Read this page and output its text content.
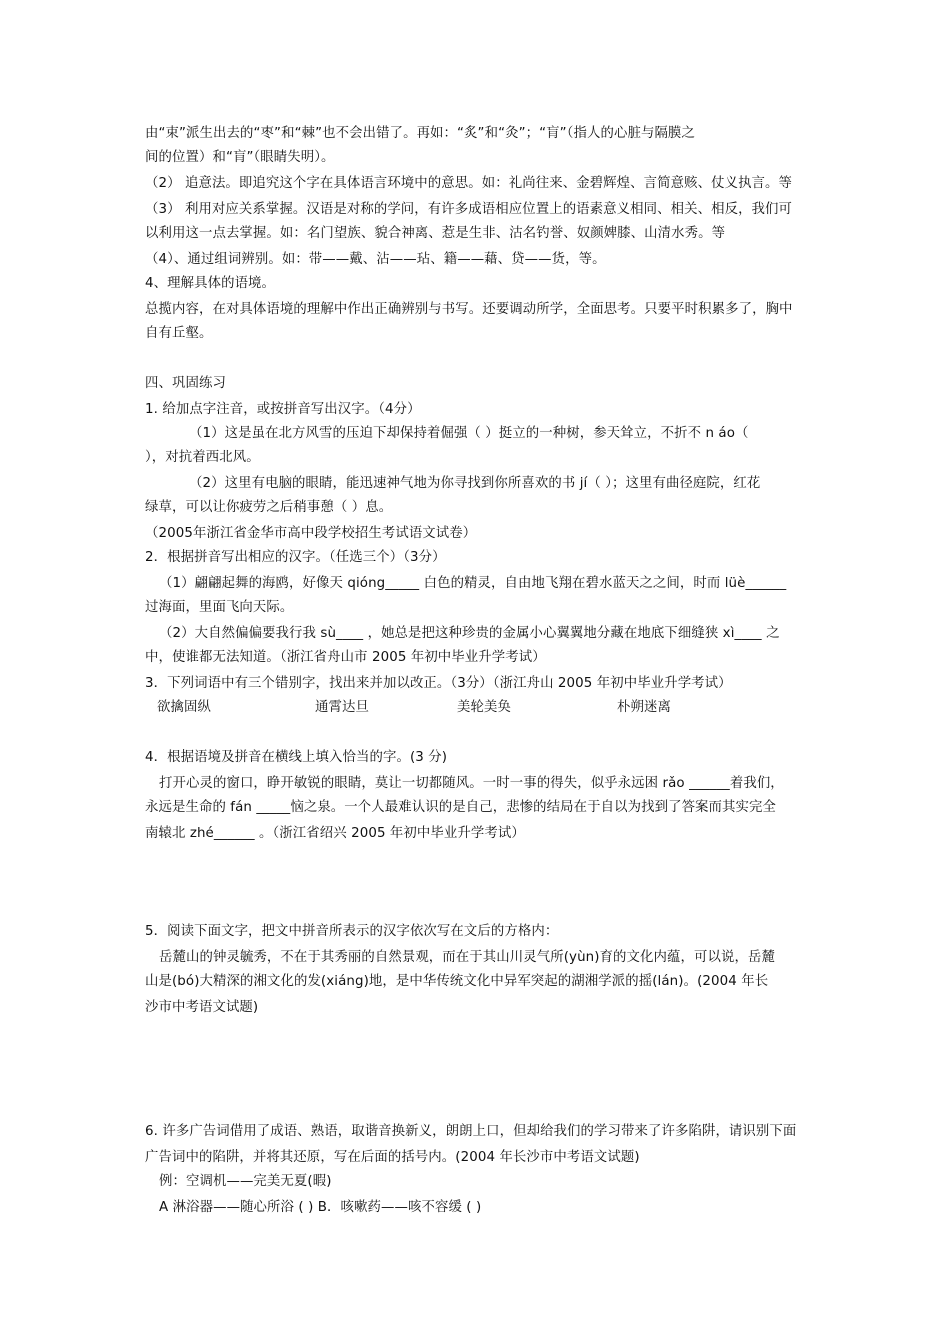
由“束”派生出去的“枣”和“棘”也不会出错了。再如：“炙”和“灸”；“肓”（指人的心脏与隔膜之
间的位置）和“肓”（眼睛失明）。
（2） 追意法。即追究这个字在具体语言环境中的意思。如：礼尚往来、金碧辉煌、言简意赅、仗义执言。等
（3） 利用对应关系掌握。汉语是对称的学问，有许多成语相应位置上的语素意义相同、相关、相反，我们可
以利用这一点去掌握。如：名门望族、貌合神离、惹是生非、沽名钓誉、奴颜婢膝、山清水秀。等
（4）、通过组词辨别。如：带——戴、沾——玷、籍——藉、贷——货，等。
4、理解具体的语境。
总揽内容，在对具体语境的理解中作出正确辨别与书写。还要调动所学，全面思考。只要平时积累多了，胸中
自有丘壑。
四、巩固练习
1. 给加点字注音，或按拼音写出汉字。（4分）
（1）这是虽在北方风雪的压迫下却保持着倔强（ ）挺立的一种树，参天耸立，不折不 n áo（
），对抗着西北风。
（2）这里有电脑的眼睛，能迅速神气地为你寻找到你所喜欢的书 jí（ ）；这里有曲径庭院，红花
绿草，可以让你疲劳之后稍事憩（ ）息。
（2005年浙江省金华市高中段学校招生考试语文试卷）
2．根据拼音写出相应的汉字。（任选三个）（3分）
（1）翩翩起舞的海鸥，好像天 qióng_____ 白色的精灵，自由地飞翔在碧水蓝天之之间，时而 lüè______
过海面，里面飞向天际。
（2）大自然偏偏要我行我 sù____ ，她总是把这种珍贵的金属小心翼翼地分藏在地底下细缝狭 xì____ 之
中，使谁都无法知道。（浙江省舟山市 2005 年初中毕业升学考试）
3．下列词语中有三个错别字，找出来并加以改正。（3分）（浙江舟山 2005 年初中毕业升学考试）
欲擒固纵	通霄达旦	美轮美奂	朴朔迷离
4．根据语境及拼音在横线上填入恰当的字。(3 分)
打开心灵的窗口，睁开敏锐的眼睛，莫让一切都随风。一时一事的得失，似乎永远困 rǎo ______着我们，
永远是生命的 fán _____恼之泉。一个人最难认识的是自己，悲惨的结局在于自以为找到了答案而其实完全
南辕北 zhé______ 。（浙江省绍兴 2005 年初中毕业升学考试）
5．阅读下面文字，把文中拼音所表示的汉字依次写在文后的方格内：
岳麓山的钟灵毓秀，不在于其秀丽的自然景观，而在于其山川灵气所(yùn)育的文化内蕴，可以说，岳麓
山是(bó)大精深的湘文化的发(xiáng)地，是中华传统文化中异军突起的湖湘学派的摇(lán)。(2004 年长
沙市中考语文试题)
6. 许多广告词借用了成语、熟语，取谐音换新义，朗朗上口，但却给我们的学习带来了许多陷阱，请识别下面
广告词中的陷阱，并将其还原，写在后面的括号内。(2004 年长沙市中考语文试题)
例：空调机——完美无夏(暇)
A 淋浴器——随心所浴 ( ) B．咳嗽药——咳不容缓 ( )
